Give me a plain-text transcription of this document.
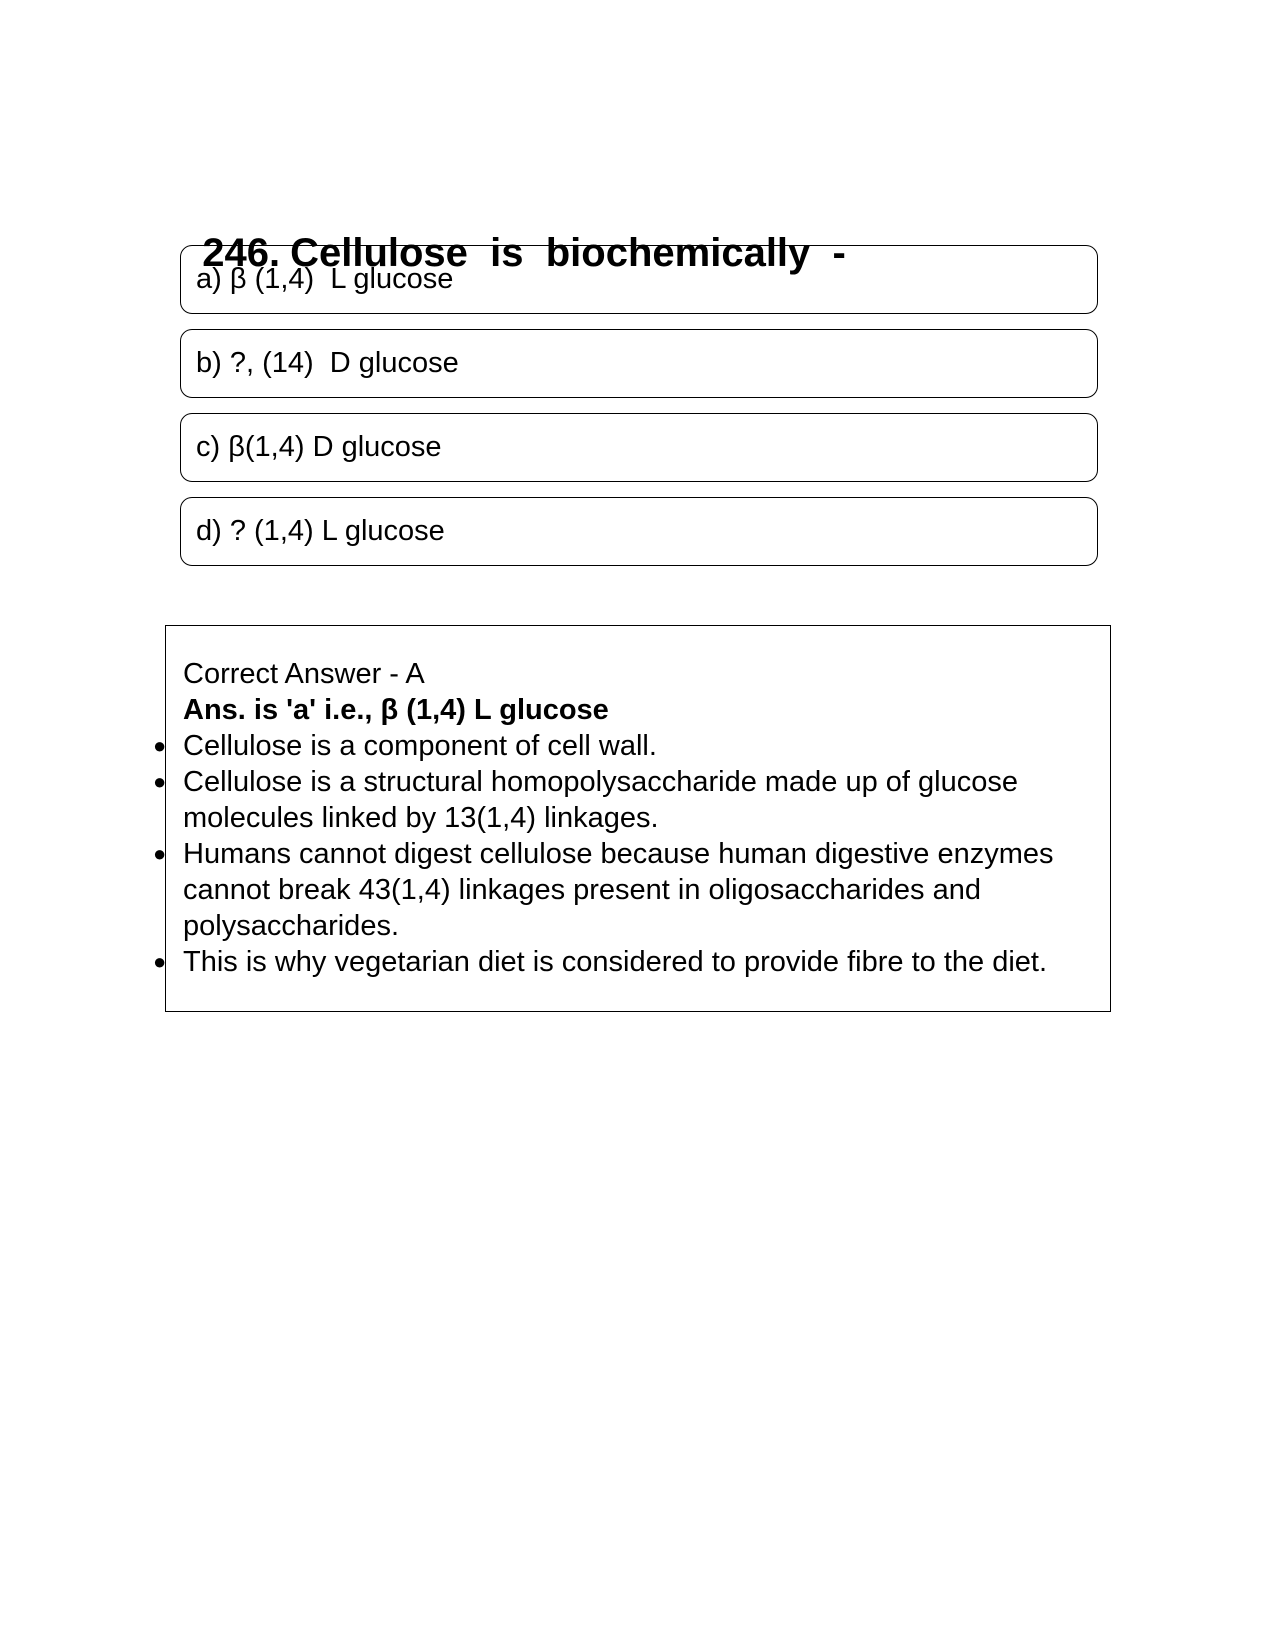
246. Cellulose  is  biochemically  -

a) β (1,4)  L glucose
b) ?, (14)  D glucose
c) β(1,4) D glucose
d) ? (1,4) L glucose
Correct Answer - A
Ans. is 'a' i.e., β (1,4) L glucose
● Cellulose is a component of cell wall.
● Cellulose is a structural homopolysaccharide made up of glucose molecules linked by 13(1,4) linkages.
● Humans cannot digest cellulose because human digestive enzymes cannot break 43(1,4) linkages present in oligosaccharides and polysaccharides.
● This is why vegetarian diet is considered to provide fibre to the diet.
